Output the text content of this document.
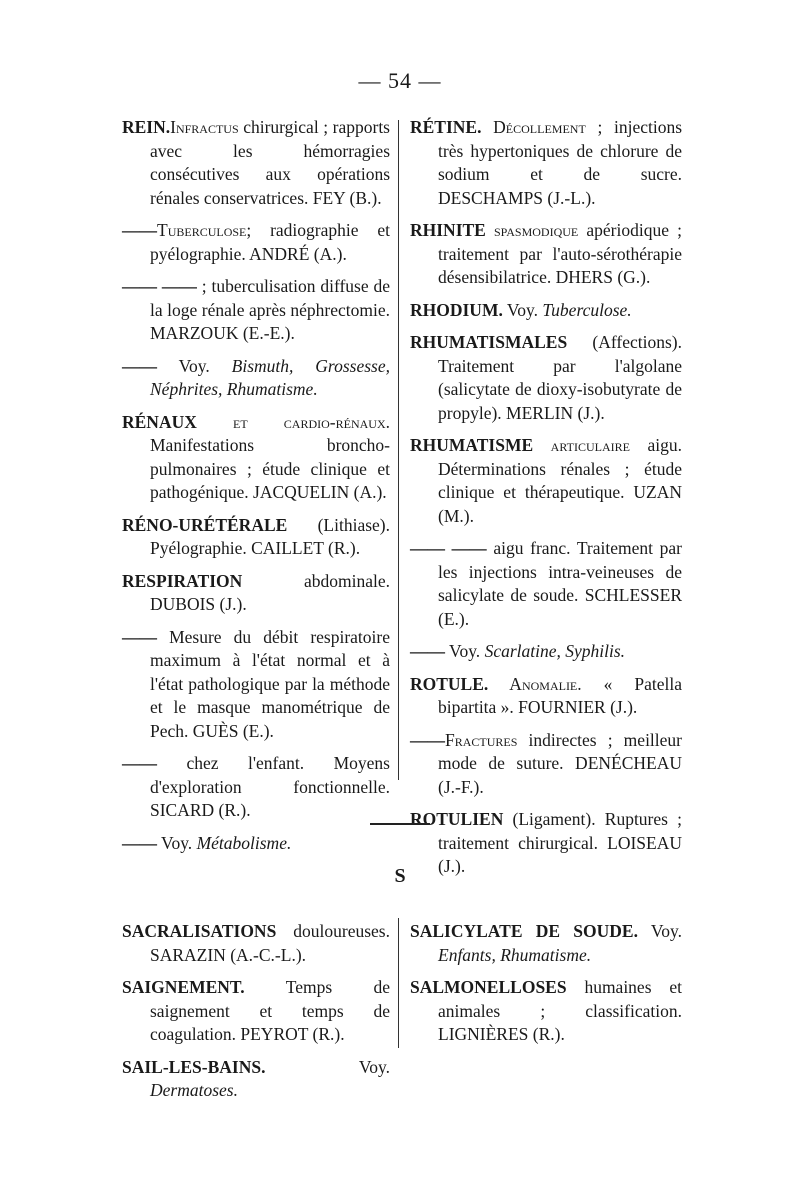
— 54 —

REIN.Infractus chirurgical ; rapports avec les hémorragies consécutives aux opérations rénales conservatrices. FEY (B.).

——Tuberculose; radiographie et pyélographie. ANDRÉ (A.).

—— —— ; tuberculisation diffuse de la loge rénale après néphrectomie. MARZOUK (E.-E.).

—— Voy. Bismuth, Grossesse, Néphrites, Rhumatisme.

RÉNAUX et cardio-rénaux. Manifestations broncho-pulmonaires ; étude clinique et pathogénique. JACQUELIN (A.).

RÉNO-URÉTÉRALE (Lithiase). Pyélographie. CAILLET (R.).

RESPIRATION abdominale. DUBOIS (J.).

—— Mesure du débit respiratoire maximum à l'état normal et à l'état pathologique par la méthode et le masque manométrique de Pech. GUÈS (E.).

—— chez l'enfant. Moyens d'exploration fonctionnelle. SICARD (R.).

—— Voy. Métabolisme.

RÉTINE. Décollement ; injections très hypertoniques de chlorure de sodium et de sucre. DESCHAMPS (J.-L.).

RHINITE spasmodique apériodique ; traitement par l'auto-sérothérapie désensibilatrice. DHERS (G.).

RHODIUM. Voy. Tuberculose.

RHUMATISMALES (Affections). Traitement par l'algolane (salicytate de dioxy-isobutyrate de propyle). MERLIN (J.).

RHUMATISME articulaire aigu. Déterminations rénales ; étude clinique et thérapeutique. UZAN (M.).

—— —— aigu franc. Traitement par les injections intra-veineuses de salicylate de soude. SCHLESSER (E.).

—— Voy. Scarlatine, Syphilis.

ROTULE. Anomalie. « Patella bipartita ». FOURNIER (J.).

——Fractures indirectes ; meilleur mode de suture. DENÉCHEAU (J.-F.).

ROTULIEN (Ligament). Ruptures ; traitement chirurgical. LOISEAU (J.).

S

SACRALISATIONS douloureuses. SARAZIN (A.-C.-L.).

SAIGNEMENT. Temps de saignement et temps de coagulation. PEYROT (R.).

SAIL-LES-BAINS. Voy. Dermatoses.

SALICYLATE DE SOUDE. Voy. Enfants, Rhumatisme.

SALMONELLOSES humaines et animales ; classification. LIGNIÈRES (R.).
